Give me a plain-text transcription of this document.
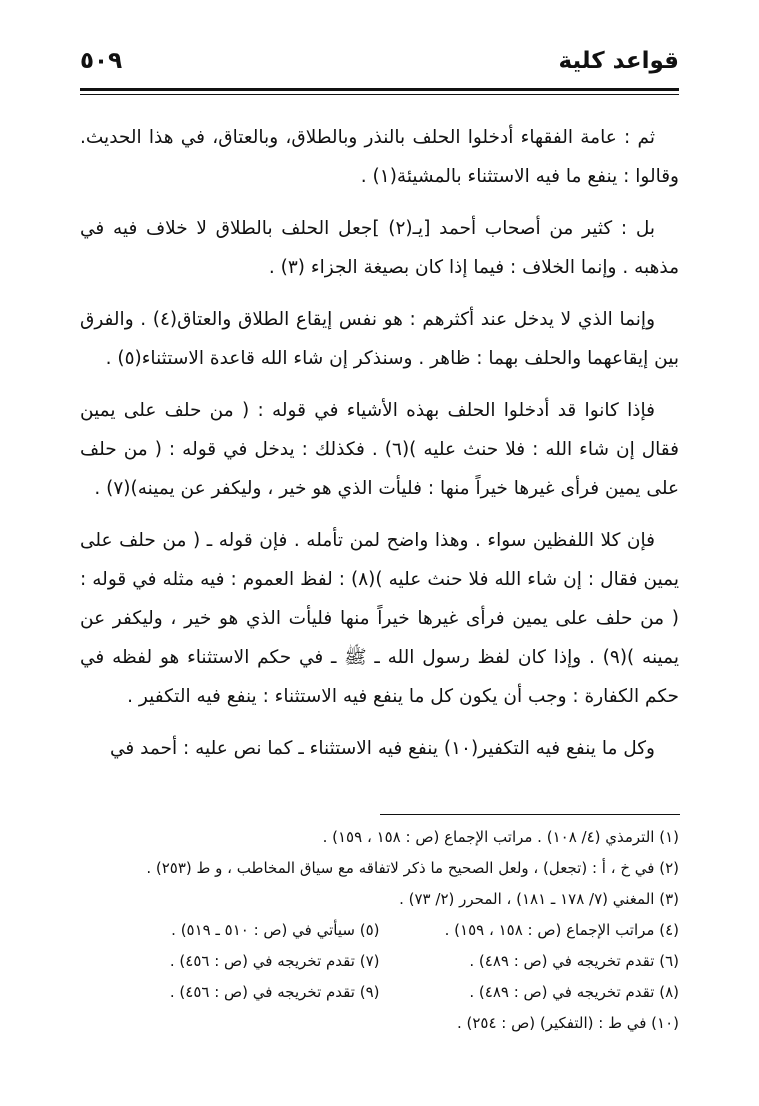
قواعد كلية
٥٠٩

ثم : عامة الفقهاء أدخلوا الحلف بالنذر وبالطلاق، وبالعتاق، في هذا الحديث. وقالوا : ينفع ما فيه الاستثناء بالمشيئة(١) .

بل : كثير من أصحاب أحمد [يـ(٢) ]جعل الحلف بالطلاق لا خلاف فيه في مذهبه . وإنما الخلاف : فيما إذا كان بصيغة الجزاء (٣) .

وإنما الذي لا يدخل عند أكثرهم : هو نفس إيقاع الطلاق والعتاق(٤) . والفرق بين إيقاعهما والحلف بهما : ظاهر . وسنذكر إن شاء الله قاعدة الاستثناء(٥) .

فإذا كانوا قد أدخلوا الحلف بهذه الأشياء في قوله : ( من حلف على يمين فقال إن شاء الله : فلا حنث عليه )(٦) . فكذلك : يدخل في قوله : ( من حلف على يمين فرأى غيرها خيراً منها : فليأت الذي هو خير ، وليكفر عن يمينه)(٧) .

فإن كلا اللفظين سواء . وهذا واضح لمن تأمله . فإن قوله ـ ( من حلف على يمين فقال : إن شاء الله فلا حنث عليه )(٨) : لفظ العموم : فيه مثله في قوله : ( من حلف على يمين فرأى غيرها خيراً منها فليأت الذي هو خير ، وليكفر عن يمينه )(٩) . وإذا كان لفظ رسول الله ـ ﷺ ـ في حكم الاستثناء هو لفظه في حكم الكفارة : وجب أن يكون كل ما ينفع فيه الاستثناء : ينفع فيه التكفير .

وكل ما ينفع فيه التكفير(١٠) ينفع فيه الاستثناء ـ كما نص عليه : أحمد في

(١) الترمذي (٤/ ١٠٨) . مراتب الإجماع (ص : ١٥٨ ، ١٥٩) .
(٢) في خ ، أ : (تجعل) ، ولعل الصحيح ما ذكر لاتفاقه مع سياق المخاطب ، و ط (٢٥٣) .
(٣) المغني (٧/ ١٧٨ ـ ١٨١) ، المحرر (٢/ ٧٣) .
(٤) مراتب الإجماع (ص : ١٥٨ ، ١٥٩) .
(٥) سيأتي في (ص : ٥١٠ ـ ٥١٩) .
(٦) تقدم تخريجه في (ص : ٤٨٩) .
(٧) تقدم تخريجه في (ص : ٤٥٦) .
(٨) تقدم تخريجه في (ص : ٤٨٩) .
(٩) تقدم تخريجه في (ص : ٤٥٦) .
(١٠) في ط : (التفكير) (ص : ٢٥٤) .
